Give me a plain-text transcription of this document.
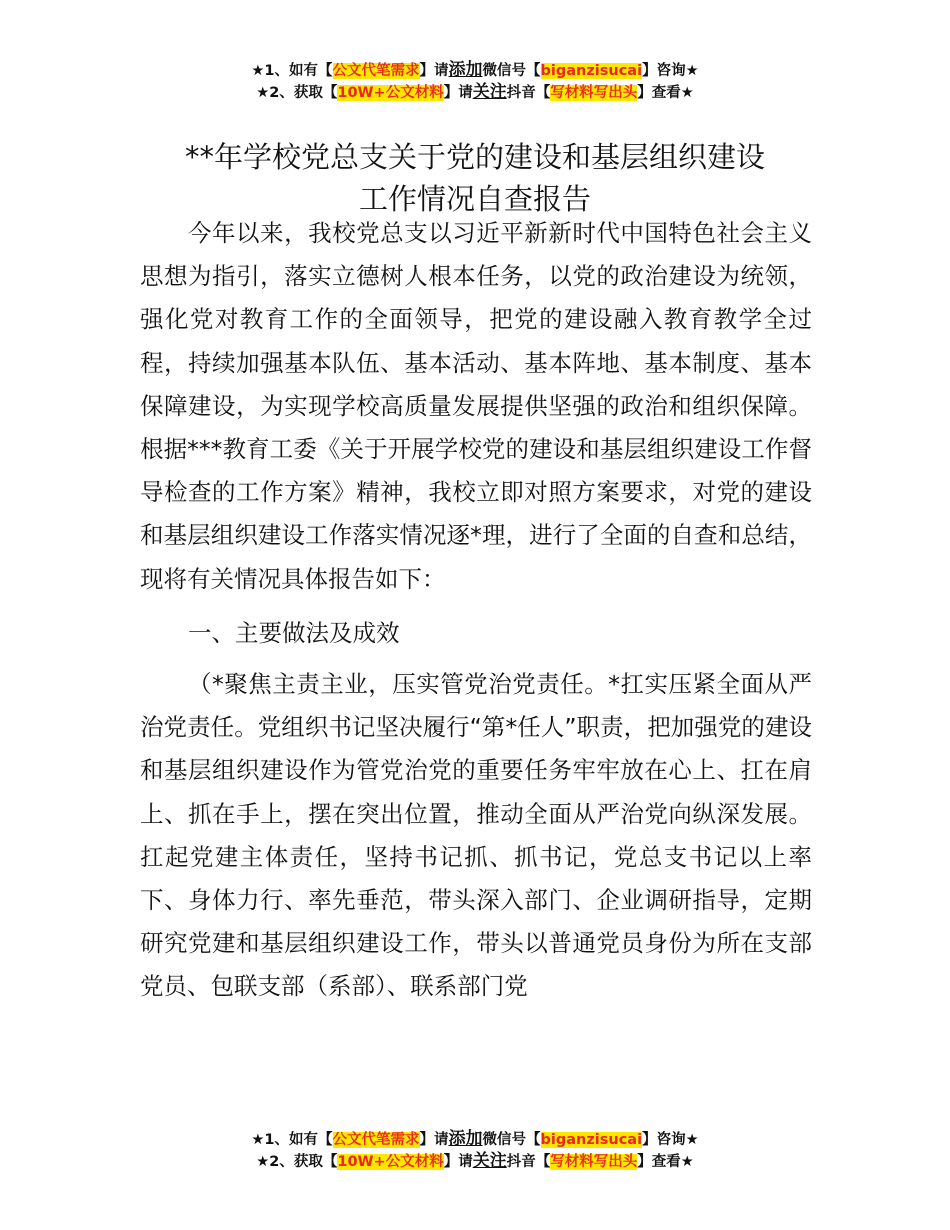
★1、如有【公文代笔需求】请添加微信号【biganzisucai】咨询★
★2、获取【10W+公文材料】请关注抖音【写材料写出头】查看★
**年学校党总支关于党的建设和基层组织建设
工作情况自查报告

今年以来，我校党总支以习近平新新时代中国特色社会主义思想为指引，落实立德树人根本任务，以党的政治建设为统领，强化党对教育工作的全面领导，把党的建设融入教育教学全过程，持续加强基本队伍、基本活动、基本阵地、基本制度、基本保障建设，为实现学校高质量发展提供坚强的政治和组织保障。根据***教育工委《关于开展学校党的建设和基层组织建设工作督导检查的工作方案》精神，我校立即对照方案要求，对党的建设和基层组织建设工作落实情况逐*理，进行了全面的自查和总结，现将有关情况具体报告如下：

一、主要做法及成效

（*聚焦主责主业，压实管党治党责任。*扛实压紧全面从严治党责任。党组织书记坚决履行“第*任人”职责，把加强党的建设和基层组织建设作为管党治党的重要任务牢牢放在心上、扛在肩上、抓在手上，摆在突出位置，推动全面从严治党向纵深发展。扛起党建主体责任，坚持书记抓、抓书记，党总支书记以上率下、身体力行、率先垂范，带头深入部门、企业调研指导，定期研究党建和基层组织建设工作，带头以普通党员身份为所在支部党员、包联支部（系部）、联系部门党

★1、如有【公文代笔需求】请添加微信号【biganzisucai】咨询★
★2、获取【10W+公文材料】请关注抖音【写材料写出头】查看★
